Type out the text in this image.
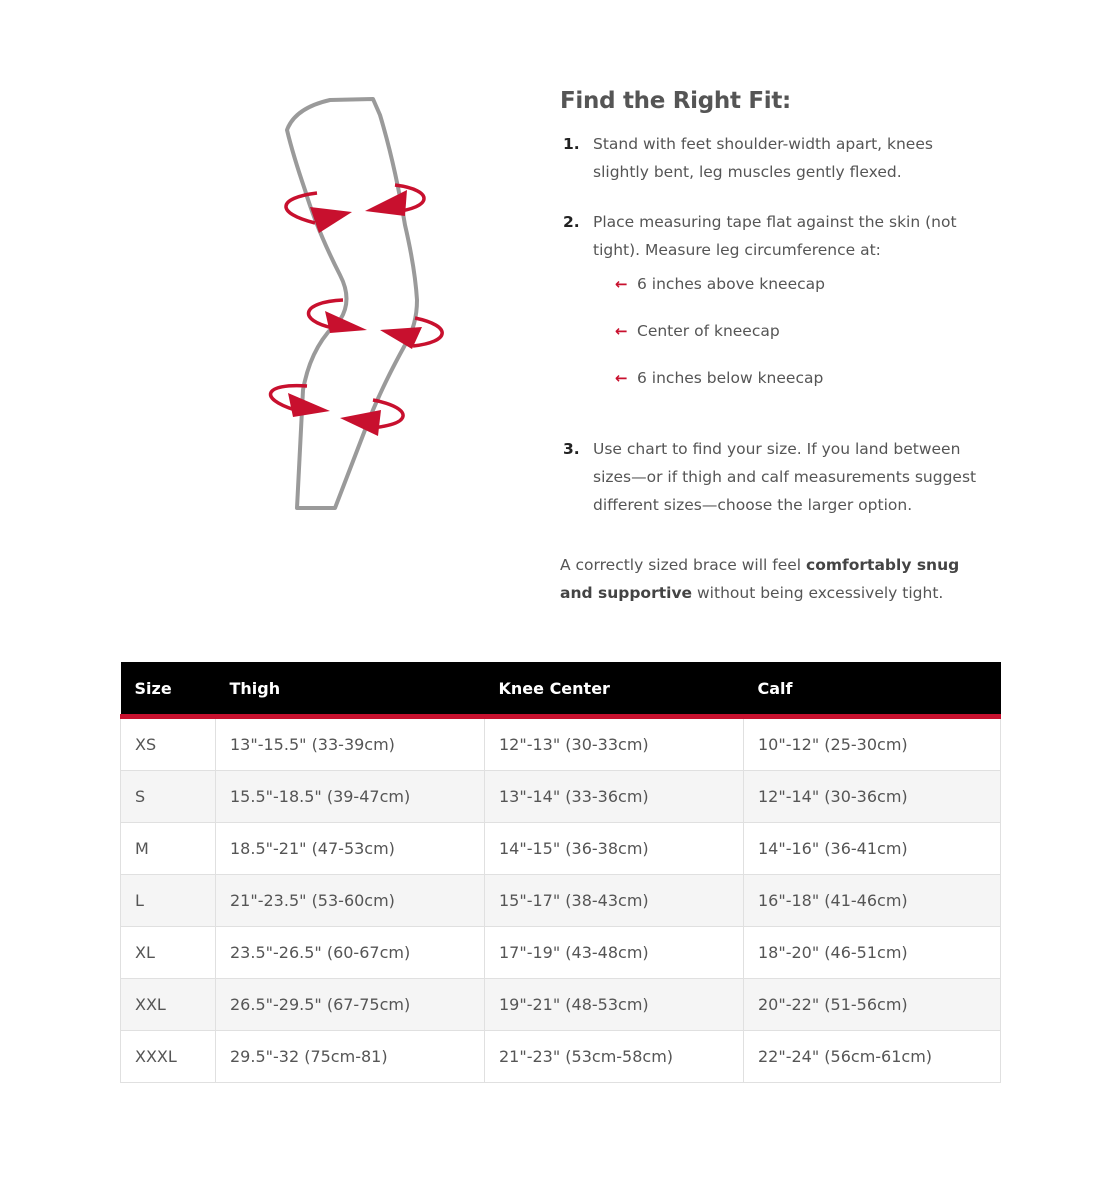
Find the Right Fit:
1. Stand with feet shoulder-width apart, knees slightly bent, leg muscles gently flexed.
2. Place measuring tape flat against the skin (not tight). Measure leg circumference at:
← 6 inches above kneecap
← Center of kneecap
← 6 inches below kneecap
3. Use chart to find your size. If you land between sizes—or if thigh and calf measurements suggest different sizes—choose the larger option.

A correctly sized brace will feel comfortably snug and supportive without being excessively tight.

Size	Thigh	Knee Center	Calf
XS	13"-15.5" (33-39cm)	12"-13" (30-33cm)	10"-12" (25-30cm)
S	15.5"-18.5" (39-47cm)	13"-14" (33-36cm)	12"-14" (30-36cm)
M	18.5"-21" (47-53cm)	14"-15" (36-38cm)	14"-16" (36-41cm)
L	21"-23.5" (53-60cm)	15"-17" (38-43cm)	16"-18" (41-46cm)
XL	23.5"-26.5" (60-67cm)	17"-19" (43-48cm)	18"-20" (46-51cm)
XXL	26.5"-29.5" (67-75cm)	19"-21" (48-53cm)	20"-22" (51-56cm)
XXXL	29.5"-32 (75cm-81)	21"-23" (53cm-58cm)	22"-24" (56cm-61cm)
